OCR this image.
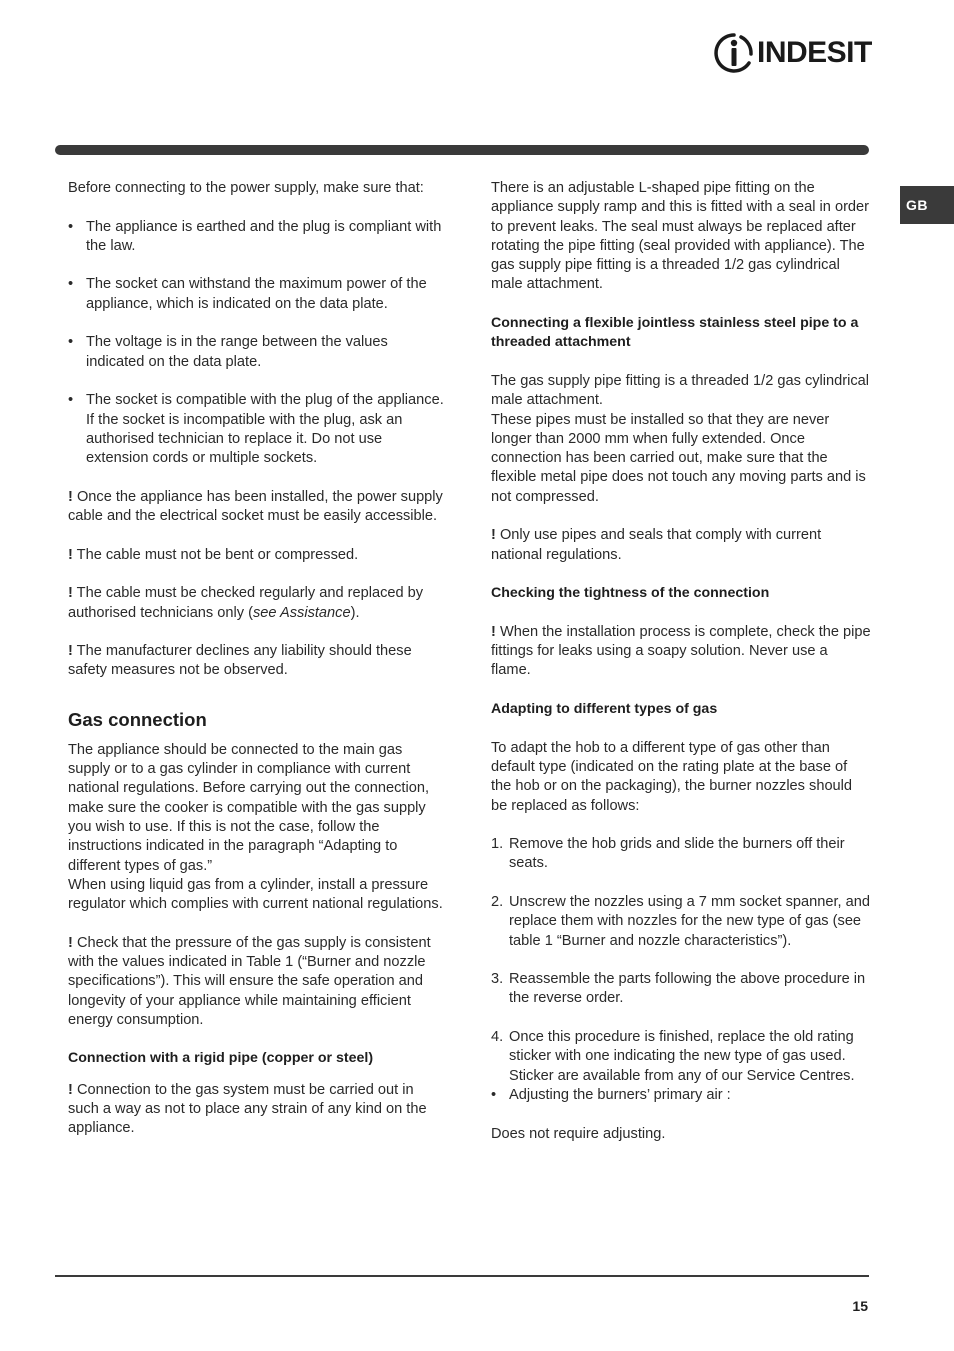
INDESIT
GB

Before connecting to the power supply, make sure that:

• The appliance is earthed and the plug is compliant with the law.

• The socket can withstand the maximum power of the appliance, which is indicated on the data plate.

• The voltage is in the range between the values indicated on the data plate.

• The socket is compatible with the plug of the appliance. If the socket is incompatible with the plug, ask an authorised technician to replace it. Do not use extension cords or multiple sockets.

! Once the appliance has been installed, the power supply cable and the electrical socket must be easily accessible.

! The cable must not be bent or compressed.

! The cable must be checked regularly and replaced by authorised technicians only (see Assistance).

! The manufacturer declines any liability should these safety measures not be observed.

Gas connection

The appliance should be connected to the main gas supply or to a gas cylinder in compliance with current national regulations. Before carrying out the connection, make sure the cooker is compatible with the gas supply you wish to use. If this is not the case, follow the instructions indicated in the paragraph “Adapting to different types of gas.”

When using liquid gas from a cylinder, install a pressure regulator which complies with current national regulations.

! Check that the pressure of the gas supply is consistent with the values indicated in Table 1 (“Burner and nozzle specifications”). This will ensure the safe operation and longevity of your appliance while maintaining efficient energy consumption.

Connection with a rigid pipe (copper or steel)

! Connection to the gas system must be carried out in such a way as not to place any strain of any kind on the appliance.

There is an adjustable L-shaped pipe fitting on the appliance supply ramp and this is fitted with a seal in order to prevent leaks. The seal must always be replaced after rotating the pipe fitting (seal provided with appliance). The gas supply pipe fitting is a threaded 1/2 gas cylindrical male attachment.

Connecting a flexible jointless stainless steel pipe to a threaded attachment

The gas supply pipe fitting is a threaded 1/2 gas cylindrical male attachment.

These pipes must be installed so that they are never longer than 2000 mm when fully extended. Once connection has been carried out, make sure that the flexible metal pipe does not touch any moving parts and is not compressed.

! Only use pipes and seals that comply with current national regulations.

Checking the tightness of the connection

! When the installation process is complete, check the pipe fittings for leaks using a soapy solution. Never use a flame.

Adapting to different types of gas

To adapt the hob to a different type of gas other than default type (indicated on the rating plate at the base of the hob or on the packaging), the burner nozzles should be replaced as follows:

1. Remove the hob grids and slide the burners off their seats.

2. Unscrew the nozzles using a 7 mm socket spanner, and replace them with nozzles for the new type of gas (see table 1 “Burner and nozzle characteristics”).

3. Reassemble the parts following the above procedure in the reverse order.

4. Once this procedure is finished, replace the old rating sticker with one indicating the new type of gas used. Sticker are available from any of our Service Centres.

• Adjusting the burners’ primary air :

Does not require adjusting.

15
